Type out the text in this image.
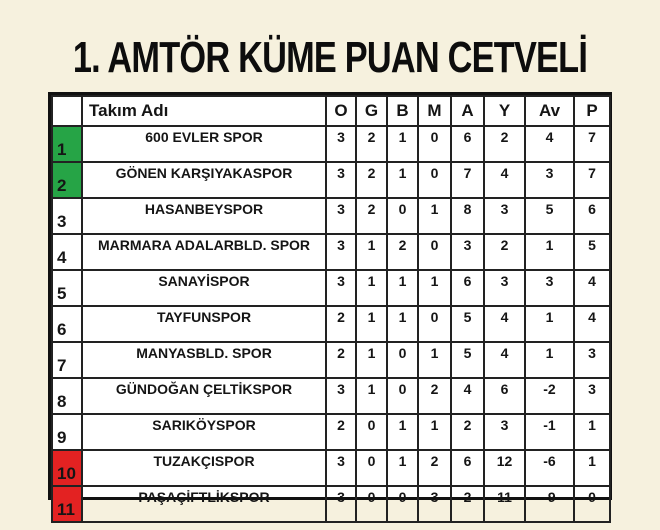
1. AMTÖR KÜME PUAN CETVELİ
	Takım Adı	O	G	B	M	A	Y	Av	P
1	600 EVLER SPOR	3	2	1	0	6	2	4	7
2	GÖNEN KARŞIYAKASPOR	3	2	1	0	7	4	3	7
3	HASANBEYSPOR	3	2	0	1	8	3	5	6
4	MARMARA ADALARBLD. SPOR	3	1	2	0	3	2	1	5
5	SANAYİSPOR	3	1	1	1	6	3	3	4
6	TAYFUNSPOR	2	1	1	0	5	4	1	4
7	MANYASBLD. SPOR	2	1	0	1	5	4	1	3
8	GÜNDOĞAN ÇELTİKSPOR	3	1	0	2	4	6	-2	3
9	SARIKÖYSPOR	2	0	1	1	2	3	-1	1
10	TUZAKÇISPOR	3	0	1	2	6	12	-6	1
11	PAŞAÇİFTLİKSPOR	3	0	0	3	2	11	-9	0
